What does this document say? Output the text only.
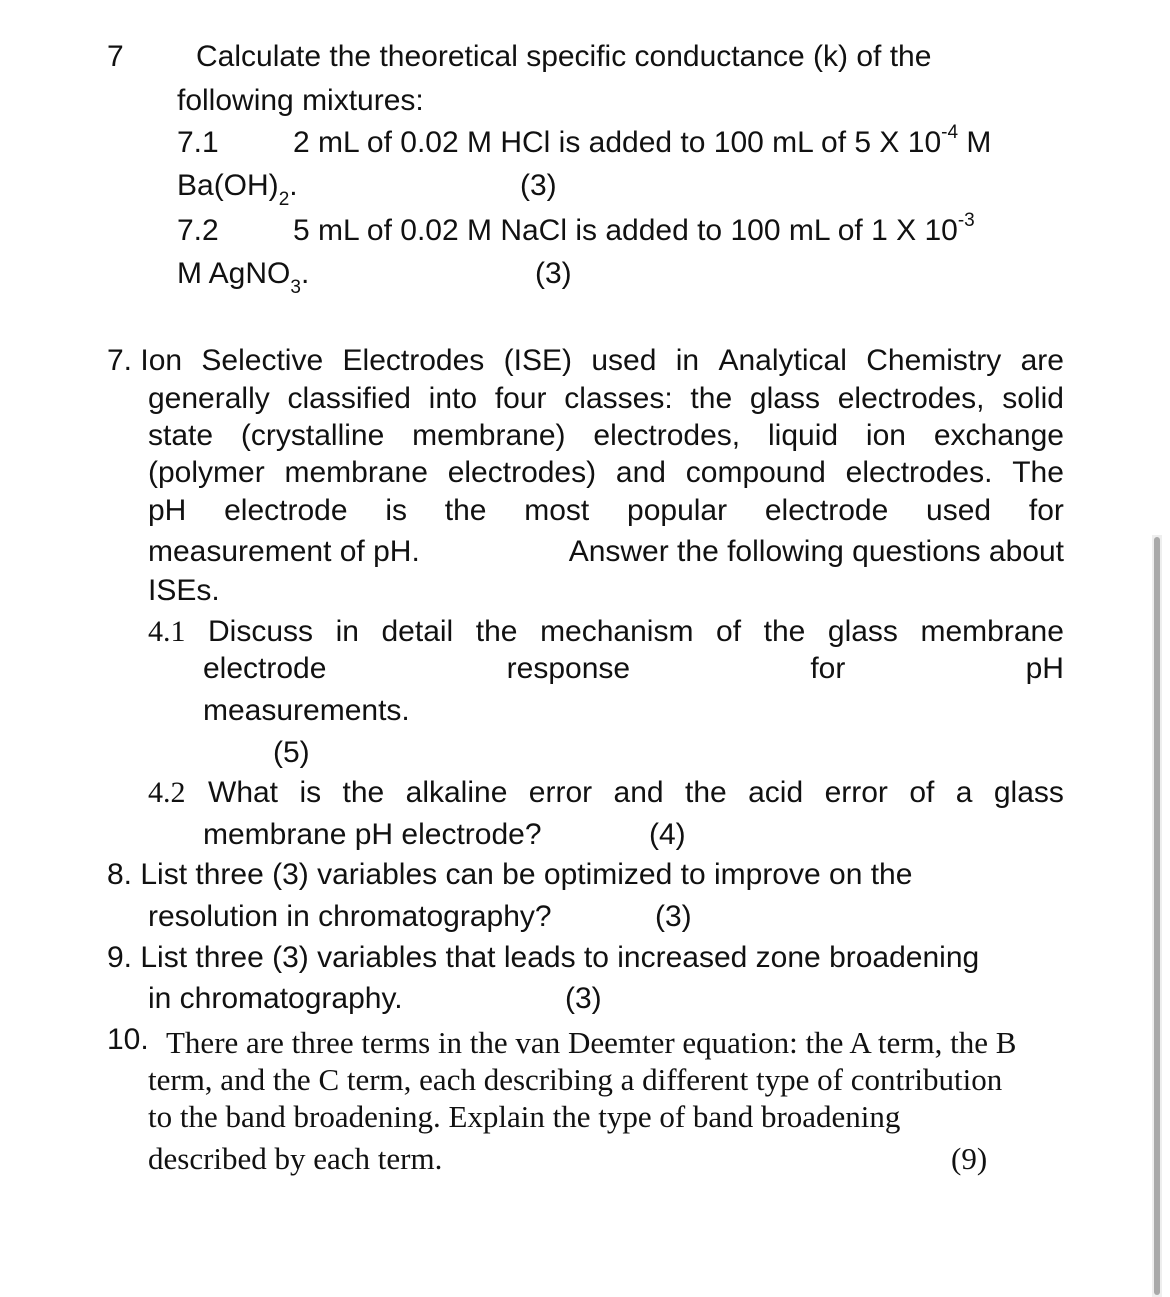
7 Calculate the theoretical specific conductance (k) of the
following mixtures:
7.1 2 mL of 0.02 M HCl is added to 100 mL of 5 X $10^{-4}$ M
$Ba(OH)_2$.	(3)
7.2 5 mL of 0.02 M NaCl is added to 100 mL of 1 X $10^{-3}$
M AgNO$_3$.	(3)
7. Ion Selective Electrodes (ISE) used in Analytical Chemistry are
generally classified into four classes: the glass electrodes, solid
state (crystalline membrane) electrodes, liquid ion exchange
(polymer membrane electrodes) and compound electrodes. The
pH electrode is the most popular electrode used for
measurement of pH.	Answer the following questions about
ISEs.
4.1 Discuss in detail the mechanism of the glass membrane
electrode	response	for	pH
measurements.
(5)
4.2 What is the alkaline error and the acid error of a glass
membrane pH electrode?	(4)
8. List three (3) variables can be optimized to improve on the
resolution in chromatography?	(3)
9. List three (3) variables that leads to increased zone broadening
in chromatography.	(3)
10. There are three terms in the van Deemter equation: the A term, the B
term, and the C term, each describing a different type of contribution
to the band broadening. Explain the type of band broadening
described by each term.	(9)
